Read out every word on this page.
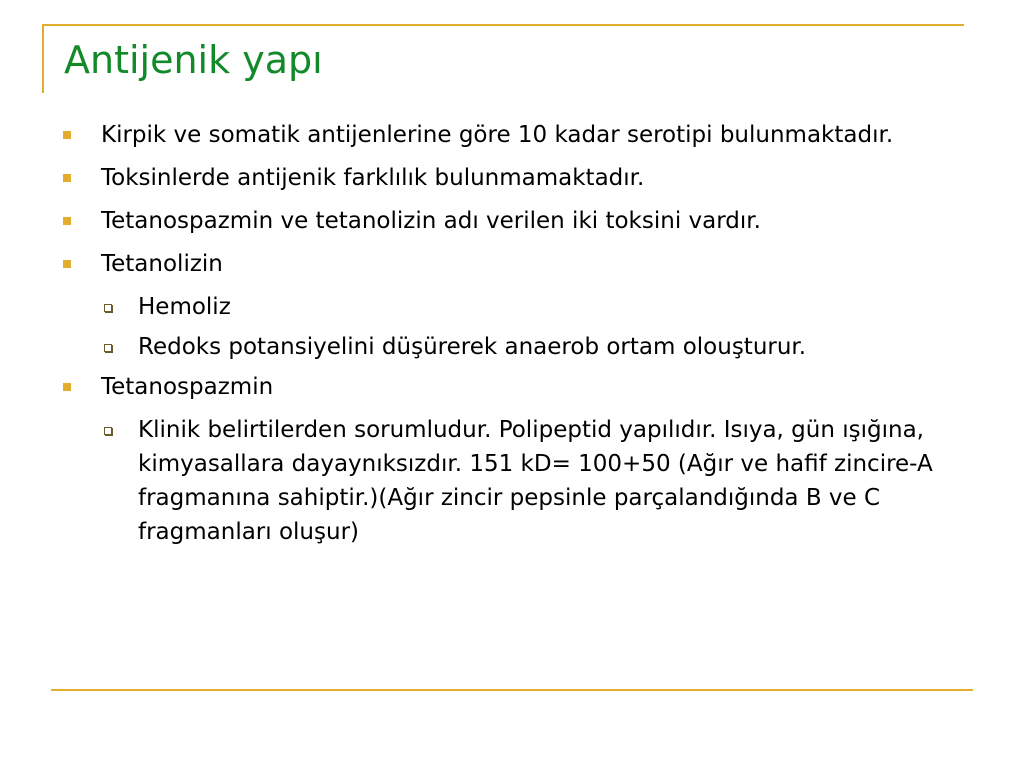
Antijenik yapı
Kirpik ve somatik antijenlerine göre 10 kadar serotipi bulunmaktadır.
Toksinlerde antijenik farklılık bulunmamaktadır.
Tetanospazmin ve tetanolizin adı verilen iki toksini vardır.
Tetanolizin
Hemoliz
Redoks potansiyelini düşürerek anaerob ortam olouşturur.
Tetanospazmin
Klinik belirtilerden sorumludur. Polipeptid yapılıdır. Isıya, gün ışığına, kimyasallara dayaynıksızdır. 151 kD= 100+50 (Ağır ve hafif zincire-A fragmanına sahiptir.)(Ağır zincir pepsinle parçalandığında B ve C fragmanları oluşur)
